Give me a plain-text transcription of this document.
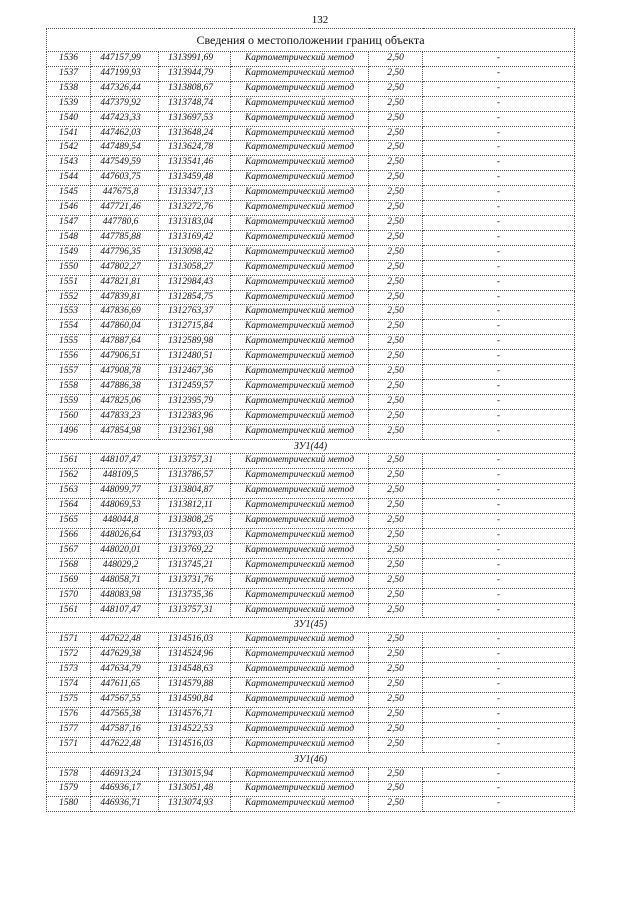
132
Сведения о местоположении границ объекта					
1536	447157,99	1313991,69	Картометрический метод	2,50	-
1537	447199,93	1313944,79	Картометрический метод	2,50	-
1538	447326,44	1313808,67	Картометрический метод	2,50	-
1539	447379,92	1313748,74	Картометрический метод	2,50	-
1540	447423,33	1313697,53	Картометрический метод	2,50	-
1541	447462,03	1313648,24	Картометрический метод	2,50	-
1542	447489,54	1313624,78	Картометрический метод	2,50	-
1543	447549,59	1313541,46	Картометрический метод	2,50	-
1544	447603,75	1313459,48	Картометрический метод	2,50	-
1545	447675,8	1313347,13	Картометрический метод	2,50	-
1546	447721,46	1313272,76	Картометрический метод	2,50	-
1547	447780,6	1313183,04	Картометрический метод	2,50	-
1548	447785,88	1313169,42	Картометрический метод	2,50	-
1549	447796,35	1313098,42	Картометрический метод	2,50	-
1550	447802,27	1313058,27	Картометрический метод	2,50	-
1551	447821,81	1312984,43	Картометрический метод	2,50	-
1552	447839,81	1312854,75	Картометрический метод	2,50	-
1553	447836,69	1312763,37	Картометрический метод	2,50	-
1554	447860,04	1312715,84	Картометрический метод	2,50	-
1555	447887,64	1312589,98	Картометрический метод	2,50	-
1556	447906,51	1312480,51	Картометрический метод	2,50	-
1557	447908,78	1312467,36	Картометрический метод	2,50	-
1558	447886,38	1312459,57	Картометрический метод	2,50	-
1559	447825,06	1312395,79	Картометрический метод	2,50	-
1560	447833,23	1312383,96	Картометрический метод	2,50	-
1496	447854,98	1312361,98	Картометрический метод	2,50	-
ЗУ1(44)					
1561	448107,47	1313757,31	Картометрический метод	2,50	-
1562	448109,5	1313786,57	Картометрический метод	2,50	-
1563	448099,77	1313804,87	Картометрический метод	2,50	-
1564	448069,53	1313812,11	Картометрический метод	2,50	-
1565	448044,8	1313808,25	Картометрический метод	2,50	-
1566	448026,64	1313793,03	Картометрический метод	2,50	-
1567	448020,01	1313769,22	Картометрический метод	2,50	-
1568	448029,2	1313745,21	Картометрический метод	2,50	-
1569	448058,71	1313731,76	Картометрический метод	2,50	-
1570	448083,98	1313735,36	Картометрический метод	2,50	-
1561	448107,47	1313757,31	Картометрический метод	2,50	-
ЗУ1(45)					
1571	447622,48	1314516,03	Картометрический метод	2,50	-
1572	447629,38	1314524,96	Картометрический метод	2,50	-
1573	447634,79	1314548,63	Картометрический метод	2,50	-
1574	447611,65	1314579,88	Картометрический метод	2,50	-
1575	447567,55	1314590,84	Картометрический метод	2,50	-
1576	447565,38	1314576,71	Картометрический метод	2,50	-
1577	447587,16	1314522,53	Картометрический метод	2,50	-
1571	447622,48	1314516,03	Картометрический метод	2,50	-
ЗУ1(46)					
1578	446913,24	1313015,94	Картометрический метод	2,50	-
1579	446936,17	1313051,48	Картометрический метод	2,50	-
1580	446936,71	1313074,93	Картометрический метод	2,50	-
